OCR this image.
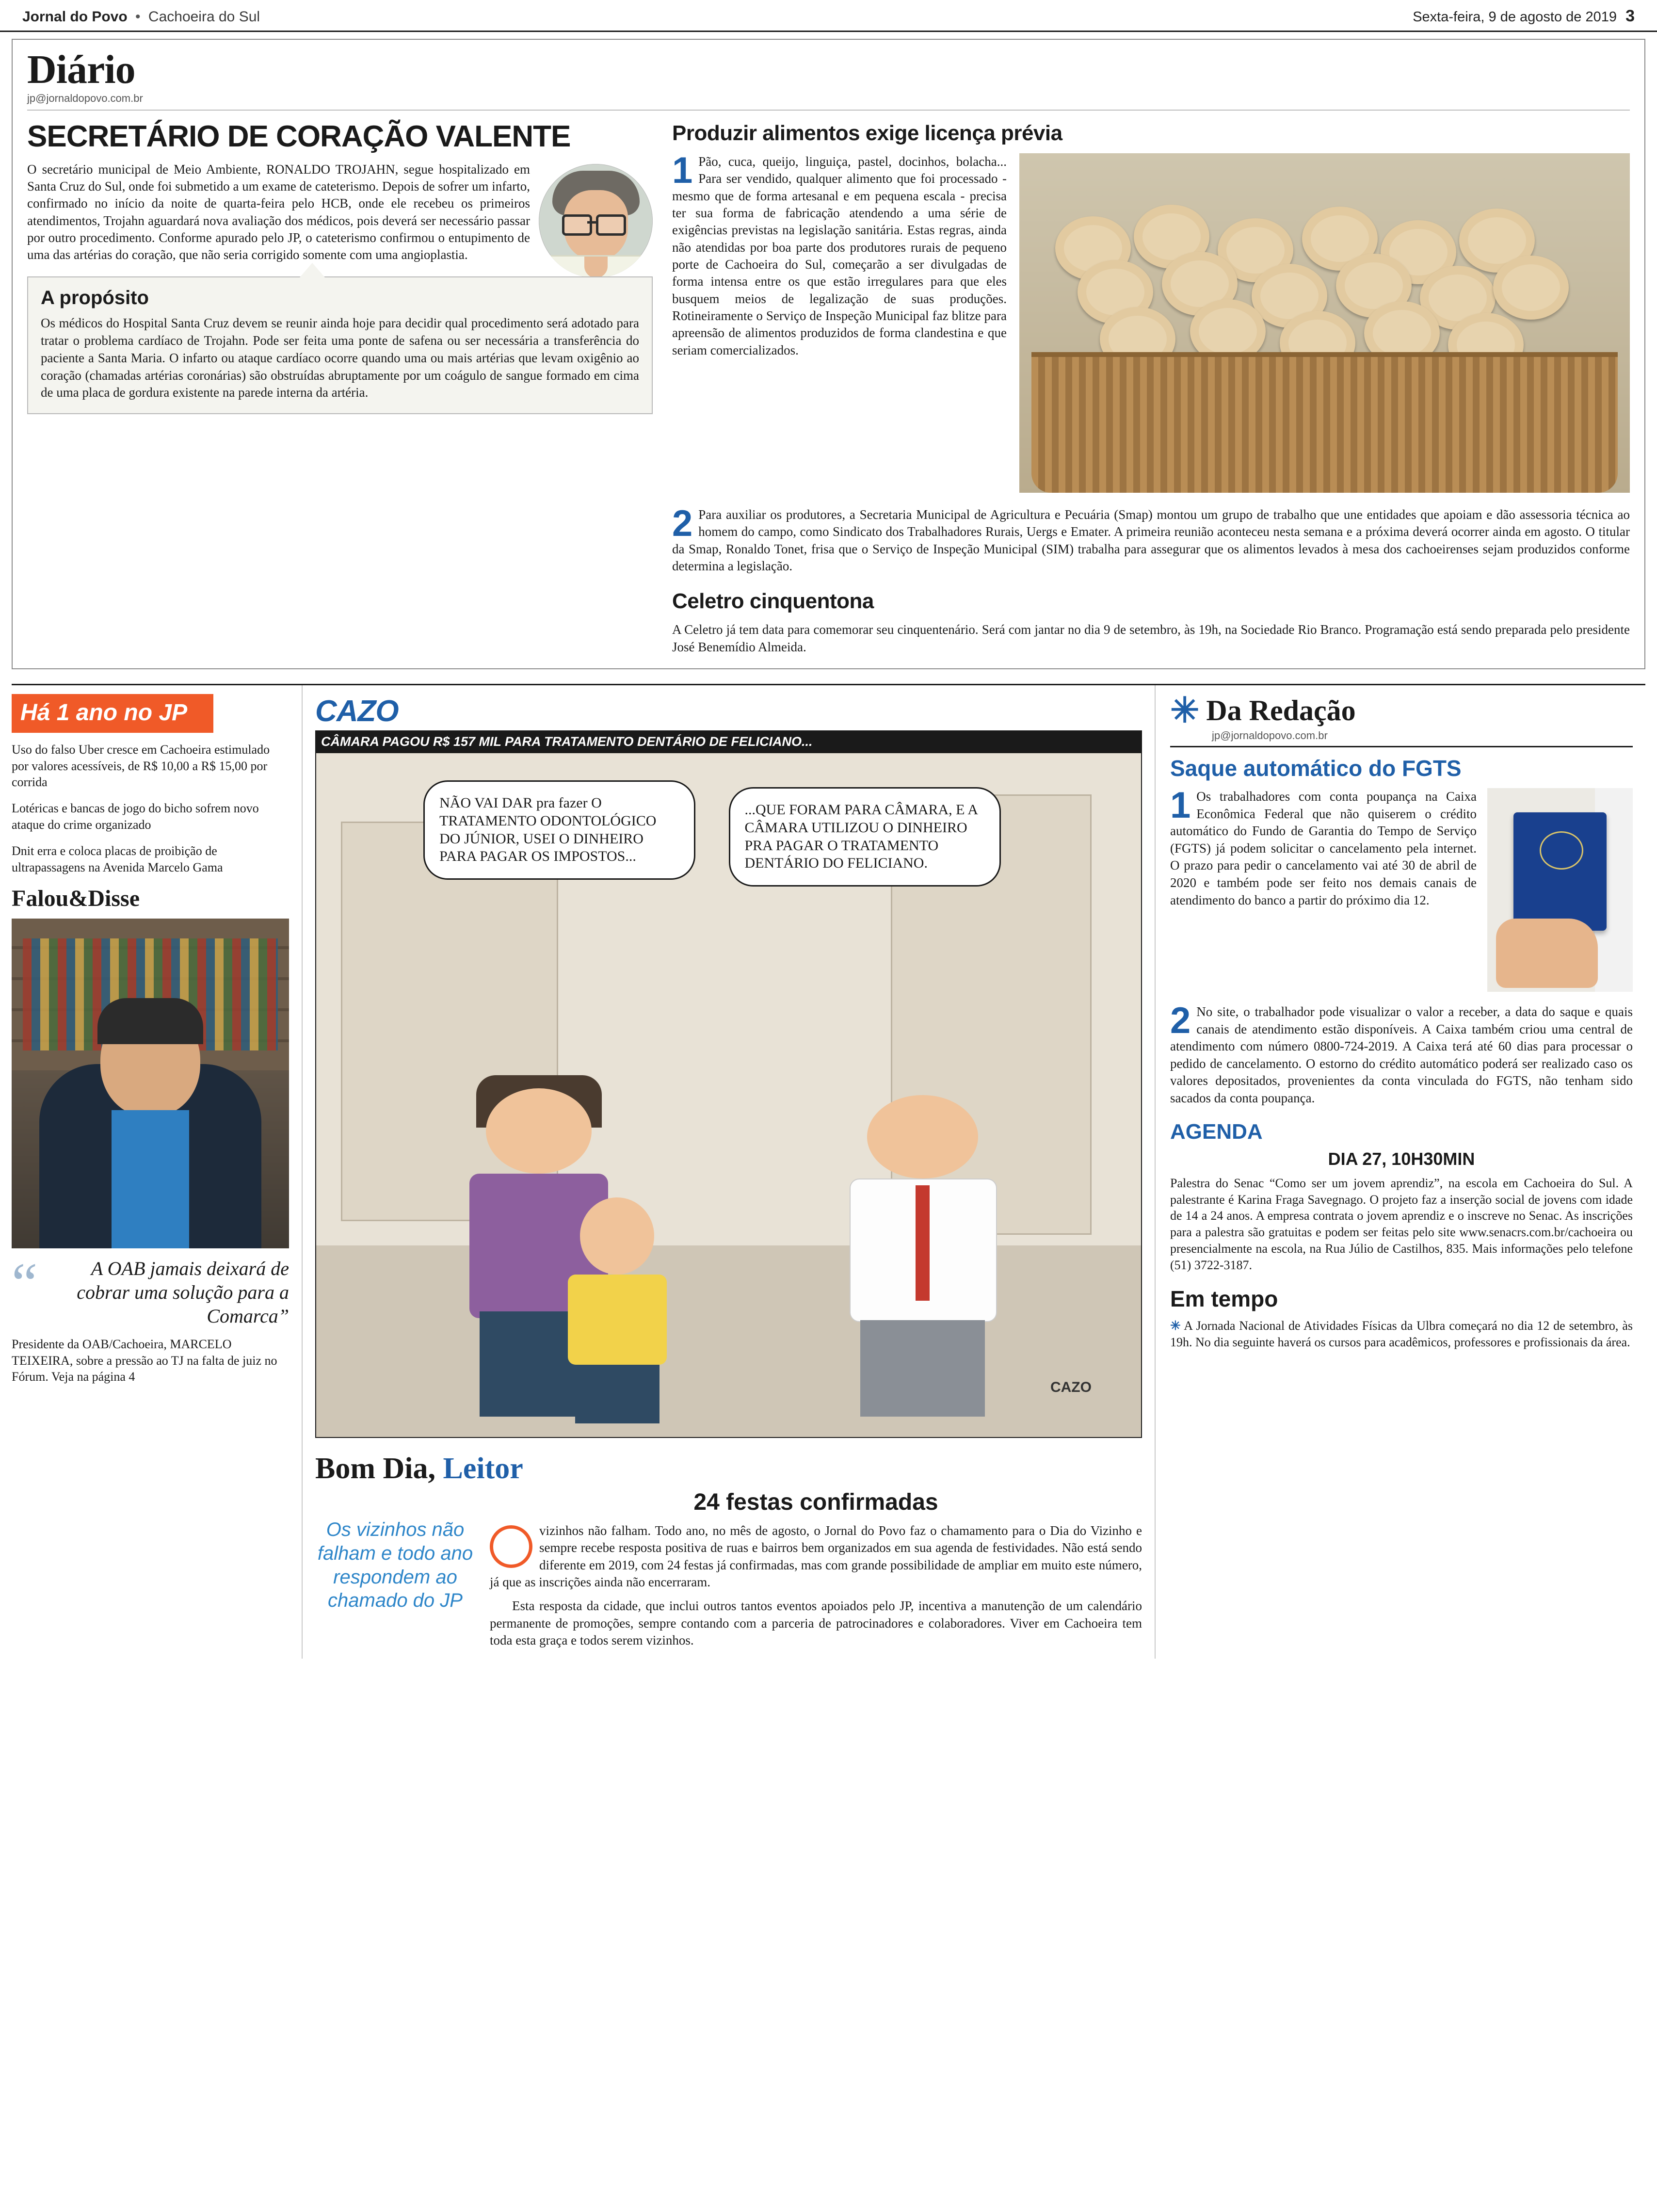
Jornal do Povo • Cachoeira do Sul	Sexta-feira, 9 de agosto de 2019 3
Diário
jp@jornaldopovo.com.br
SECRETÁRIO DE CORAÇÃO VALENTE
O secretário municipal de Meio Ambiente, RONALDO TROJAHN, segue hospitalizado em Santa Cruz do Sul, onde foi submetido a um exame de cateterismo. Depois de sofrer um infarto, confirmado no início da noite de quarta-feira pelo HCB, onde ele recebeu os primeiros atendimentos, Trojahn aguardará nova avaliação dos médicos, pois deverá ser necessário passar por outro procedimento. Conforme apurado pelo JP, o cateterismo confirmou o entupimento de uma das artérias do coração, que não seria corrigido somente com uma angioplastia.
A propósito

Os médicos do Hospital Santa Cruz devem se reunir ainda hoje para decidir qual procedimento será adotado para tratar o problema cardíaco de Trojahn. Pode ser feita uma ponte de safena ou ser necessária a transferência do paciente a Santa Maria. O infarto ou ataque cardíaco ocorre quando uma ou mais artérias que levam oxigênio ao coração (chamadas artérias coronárias) são obstruídas abruptamente por um coágulo de sangue formado em cima de uma placa de gordura existente na parede interna da artéria.

Produzir alimentos exige licença prévia
1 Pão, cuca, queijo, linguiça, pastel, docinhos, bolacha... Para ser vendido, qualquer alimento que foi processado - mesmo que de forma artesanal e em pequena escala - precisa ter sua forma de fabricação atendendo a uma série de exigências previstas na legislação sanitária. Estas regras, ainda não atendidas por boa parte dos produtores rurais de pequeno porte de Cachoeira do Sul, começarão a ser divulgadas de forma intensa entre os que estão irregulares para que eles busquem meios de legalização de suas produções. Rotineiramente o Serviço de Inspeção Municipal faz blitze para apreensão de alimentos produzidos de forma clandestina e que seriam comercializados.
2 Para auxiliar os produtores, a Secretaria Municipal de Agricultura e Pecuária (Smap) montou um grupo de trabalho que une entidades que apoiam e dão assessoria técnica ao homem do campo, como Sindicato dos Trabalhadores Rurais, Uergs e Emater. A primeira reunião aconteceu nesta semana e a próxima deverá ocorrer ainda em agosto. O titular da Smap, Ronaldo Tonet, frisa que o Serviço de Inspeção Municipal (SIM) trabalha para assegurar que os alimentos levados à mesa dos cachoeirenses sejam produzidos conforme determina a legislação.
Celetro cinquentona
A Celetro já tem data para comemorar seu cinquentenário. Será com jantar no dia 9 de setembro, às 19h, na Sociedade Rio Branco. Programação está sendo preparada pelo presidente José Benemídio Almeida.
Há 1 ano no JP
Uso do falso Uber cresce em Cachoeira estimulado por valores acessíveis, de R$ 10,00 a R$ 15,00 por corrida
Lotéricas e bancas de jogo do bicho sofrem novo ataque do crime organizado
Dnit erra e coloca placas de proibição de ultrapassagens na Avenida Marcelo Gama
Falou&Disse
“	A OAB jamais deixará de cobrar uma solução para a Comarca”
Presidente da OAB/Cachoeira, MARCELO TEIXEIRA, sobre a pressão ao TJ na falta de juiz no Fórum. Veja na página 4
CAZO
CÂMARA PAGOU R$ 157 MIL PARA TRATAMENTO DENTÁRIO DE FELICIANO...
NÃO VAI DAR pra fazer O TRATAMENTO ODONTOLÓGICO DO JÚNIOR, USEI O DINHEIRO PARA PAGAR OS IMPOSTOS...
...QUE FORAM PARA CÂMARA, E A CÂMARA UTILIZOU O DINHEIRO PRA PAGAR O TRATAMENTO DENTÁRIO DO FELICIANO.
CAZO
Bom Dia, Leitor
Os vizinhos não falham e todo ano respondem ao chamado do JP
24 festas confirmadas
vizinhos não falham. Todo ano, no mês de agosto, o Jornal do Povo faz o chamamento para o Dia do Vizinho e sempre recebe resposta positiva de ruas e bairros bem organizados em sua agenda de festividades. Não está sendo diferente em 2019, com 24 festas já confirmadas, mas com grande possibilidade de ampliar em muito este número, já que as inscrições ainda não encerraram.
Esta resposta da cidade, que inclui outros tantos eventos apoiados pelo JP, incentiva a manutenção de um calendário permanente de promoções, sempre contando com a parceria de patrocinadores e colaboradores. Viver em Cachoeira tem toda esta graça e todos serem vizinhos.
✳ Da Redação
jp@jornaldopovo.com.br
Saque automático do FGTS
1 Os trabalhadores com conta poupança na Caixa Econômica Federal que não quiserem o crédito automático do Fundo de Garantia do Tempo de Serviço (FGTS) já podem solicitar o cancelamento pela internet. O prazo para pedir o cancelamento vai até 30 de abril de 2020 e também pode ser feito nos demais canais de atendimento do banco a partir do próximo dia 12.
2 No site, o trabalhador pode visualizar o valor a receber, a data do saque e quais canais de atendimento estão disponíveis. A Caixa também criou uma central de atendimento com número 0800-724-2019. A Caixa terá até 60 dias para processar o pedido de cancelamento. O estorno do crédito automático poderá ser realizado caso os valores depositados, provenientes da conta vinculada do FGTS, não tenham sido sacados da conta poupança.
AGENDA
DIA 27, 10H30MIN
Palestra do Senac “Como ser um jovem aprendiz”, na escola em Cachoeira do Sul. A palestrante é Karina Fraga Savegnago. O projeto faz a inserção social de jovens com idade de 14 a 24 anos. A empresa contrata o jovem aprendiz e o inscreve no Senac. As inscrições para a palestra são gratuitas e podem ser feitas pelo site www.senacrs.com.br/cachoeira ou presencialmente na escola, na Rua Júlio de Castilhos, 835. Mais informações pelo telefone (51) 3722-3187.
Em tempo
✳ A Jornada Nacional de Atividades Físicas da Ulbra começará no dia 12 de setembro, às 19h. No dia seguinte haverá os cursos para acadêmicos, professores e profissionais da área.
